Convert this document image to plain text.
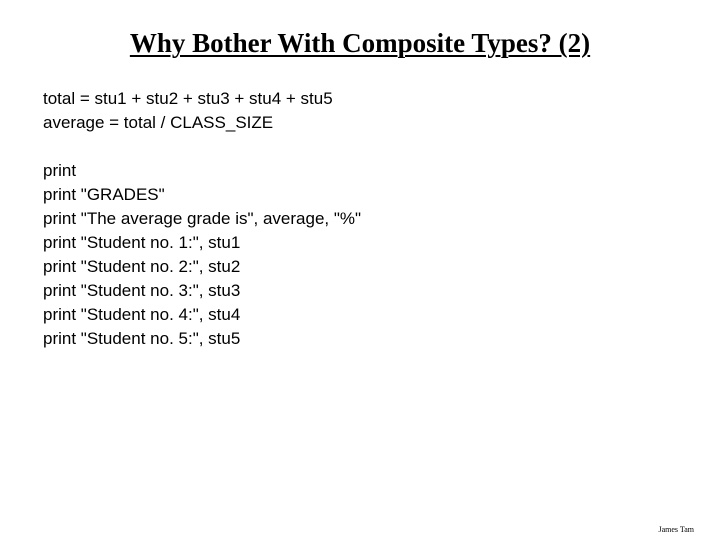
Why Bother With Composite Types? (2)
total = stu1 + stu2 + stu3 + stu4 + stu5
average = total / CLASS_SIZE
print
print "GRADES"
print "The average grade is", average, "%"
print "Student no. 1:", stu1
print "Student no. 2:", stu2
print "Student no. 3:", stu3
print "Student no. 4:", stu4
print "Student no. 5:", stu5
James Tam
